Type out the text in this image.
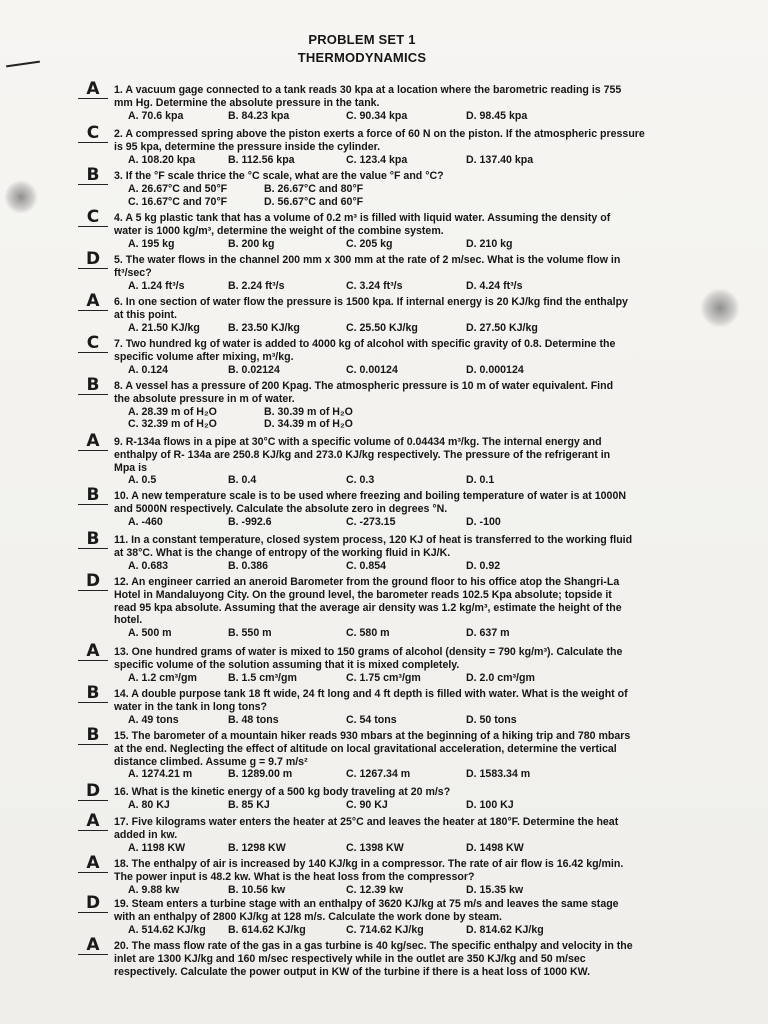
PROBLEM SET 1
THERMODYNAMICS
A	1. A vacuum gage connected to a tank reads 30 kpa at a location where the barometric reading is 755
mm Hg. Determine the absolute pressure in the tank.
A. 70.6 kpa	B. 84.23 kpa	C. 90.34 kpa	D. 98.45 kpa
C	2. A compressed spring above the piston exerts a force of 60 N on the piston. If the atmospheric pressure
is 95 kpa, determine the pressure inside the cylinder.
A. 108.20 kpa	B. 112.56 kpa	C. 123.4 kpa	D. 137.40 kpa
B	3. If the °F scale thrice the °C scale, what are the value °F and °C?
A. 26.67°C and 50°F	B. 26.67°C and 80°F
C. 16.67°C and 70°F	D. 56.67°C and 60°F
C	4. A 5 kg plastic tank that has a volume of 0.2 m³ is filled with liquid water. Assuming the density of
water is 1000 kg/m³, determine the weight of the combine system.
A. 195 kg	B. 200 kg	C. 205 kg	D. 210 kg
D	5. The water flows in the channel 200 mm x 300 mm at the rate of 2 m/sec. What is the volume flow in
ft³/sec?
A. 1.24 ft³/s	B. 2.24 ft³/s	C. 3.24 ft³/s	D. 4.24 ft³/s
A	6. In one section of water flow the pressure is 1500 kpa. If internal energy is 20 KJ/kg find the enthalpy
at this point.
A. 21.50 KJ/kg	B. 23.50 KJ/kg	C. 25.50 KJ/kg	D. 27.50 KJ/kg
C	7. Two hundred kg of water is added to 4000 kg of alcohol with specific gravity of 0.8. Determine the
specific volume after mixing, m³/kg.
A. 0.124	B. 0.02124	C. 0.00124	D. 0.000124
B	8. A vessel has a pressure of 200 Kpag. The atmospheric pressure is 10 m of water equivalent. Find
the absolute pressure in m of water.
A. 28.39 m of H₂O	B. 30.39 m of H₂O
C. 32.39 m of H₂O	D. 34.39 m of H₂O
A	9. R-134a flows in a pipe at 30°C with a specific volume of 0.04434 m³/kg. The internal energy and
enthalpy of R- 134a are 250.8 KJ/kg and 273.0 KJ/kg respectively. The pressure of the refrigerant in
Mpa is
A. 0.5	B. 0.4	C. 0.3	D. 0.1
B	10. A new temperature scale is to be used where freezing and boiling temperature of water is at 1000N
and 5000N respectively. Calculate the absolute zero in degrees °N.
A. -460	B. -992.6	C. -273.15	D. -100
B	11. In a constant temperature, closed system process, 120 KJ of heat is transferred to the working fluid
at 38°C. What is the change of entropy of the working fluid in KJ/K.
A. 0.683	B. 0.386	C. 0.854	D. 0.92
D	12. An engineer carried an aneroid Barometer from the ground floor to his office atop the Shangri-La
Hotel in Mandaluyong City. On the ground level, the barometer reads 102.5 Kpa absolute; topside it
read 95 kpa absolute. Assuming that the average air density was 1.2 kg/m³, estimate the height of the
hotel.
A. 500 m	B. 550 m	C. 580 m	D. 637 m
A	13. One hundred grams of water is mixed to 150 grams of alcohol (density = 790 kg/m³). Calculate the
specific volume of the solution assuming that it is mixed completely.
A. 1.2 cm³/gm	B. 1.5 cm³/gm	C. 1.75 cm³/gm	D. 2.0 cm³/gm
B	14. A double purpose tank 18 ft wide, 24 ft long and 4 ft depth is filled with water. What is the weight of
water in the tank in long tons?
A. 49 tons	B. 48 tons	C. 54 tons	D. 50 tons
B	15. The barometer of a mountain hiker reads 930 mbars at the beginning of a hiking trip and 780 mbars
at the end. Neglecting the effect of altitude on local gravitational acceleration, determine the vertical
distance climbed. Assume g = 9.7 m/s²
A. 1274.21 m	B. 1289.00 m	C. 1267.34 m	D. 1583.34 m
D	16. What is the kinetic energy of a 500 kg body traveling at 20 m/s?
A. 80 KJ	B. 85 KJ	C. 90 KJ	D. 100 KJ
A	17. Five kilograms water enters the heater at 25°C and leaves the heater at 180°F. Determine the heat
added in kw.
A. 1198 KW	B. 1298 KW	C. 1398 KW	D. 1498 KW
A	18. The enthalpy of air is increased by 140 KJ/kg in a compressor. The rate of air flow is 16.42 kg/min.
The power input is 48.2 kw. What is the heat loss from the compressor?
A. 9.88 kw	B. 10.56 kw	C. 12.39 kw	D. 15.35 kw
D	19. Steam enters a turbine stage with an enthalpy of 3620 KJ/kg at 75 m/s and leaves the same stage
with an enthalpy of 2800 KJ/kg at 128 m/s. Calculate the work done by steam.
A. 514.62 KJ/kg B. 614.62 KJ/kg	C. 714.62 KJ/kg	D. 814.62 KJ/kg
A	20. The mass flow rate of the gas in a gas turbine is 40 kg/sec. The specific enthalpy and velocity in the
inlet are 1300 KJ/kg and 160 m/sec respectively while in the outlet are 350 KJ/kg and 50 m/sec
respectively. Calculate the power output in KW of the turbine if there is a heat loss of 1000 KW.
